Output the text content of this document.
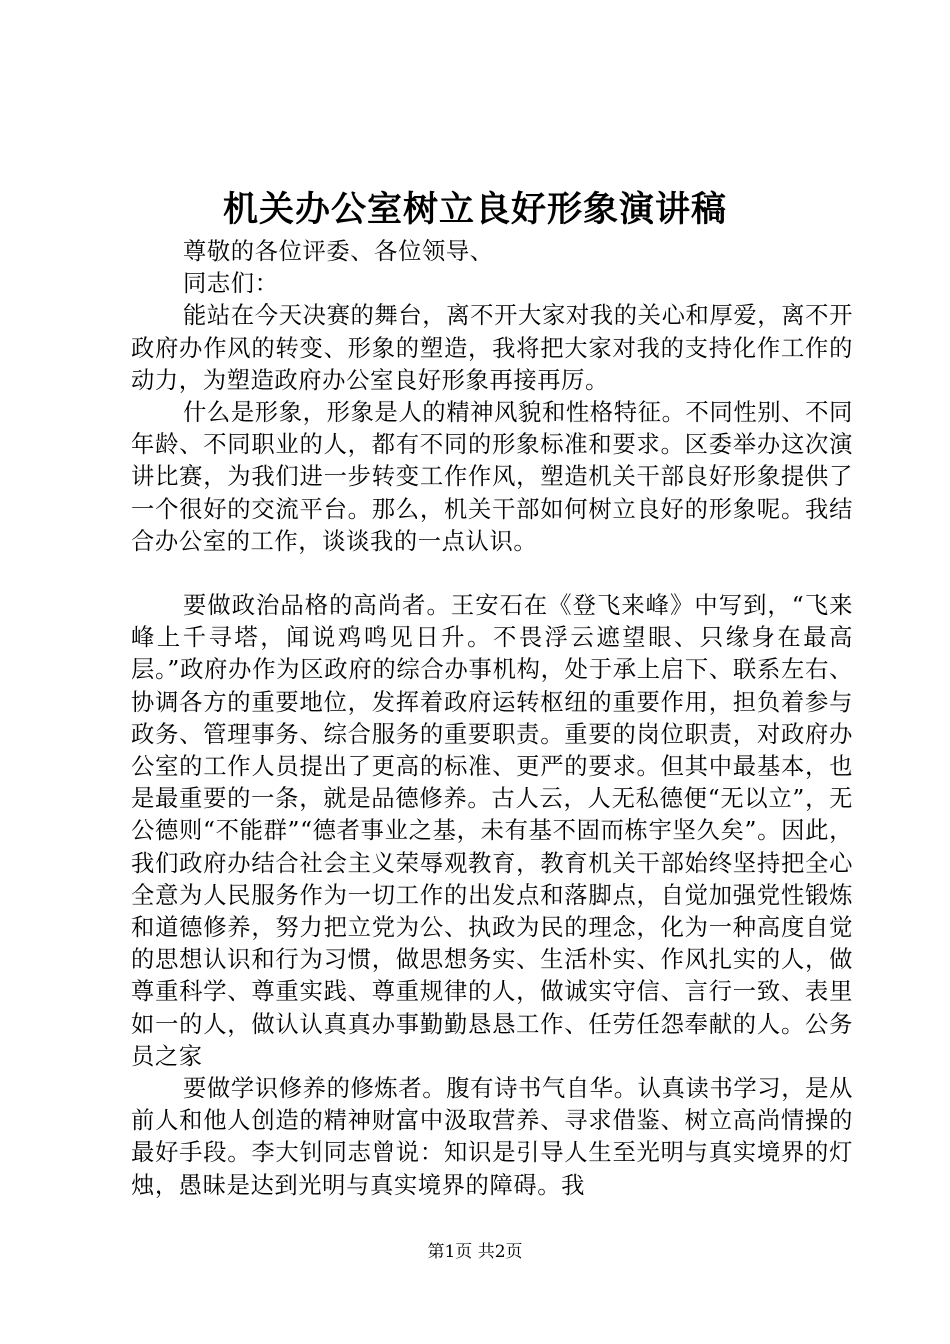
机关办公室树立良好形象演讲稿

尊敬的各位评委、各位领导、

同志们：

能站在今天决赛的舞台，离不开大家对我的关心和厚爱，离不开政府办作风的转变、形象的塑造，我将把大家对我的支持化作工作的动力，为塑造政府办公室良好形象再接再厉。

什么是形象，形象是人的精神风貌和性格特征。不同性别、不同年龄、不同职业的人，都有不同的形象标准和要求。区委举办这次演讲比赛，为我们进一步转变工作作风，塑造机关干部良好形象提供了一个很好的交流平台。那么，机关干部如何树立良好的形象呢。我结合办公室的工作，谈谈我的一点认识。

要做政治品格的高尚者。王安石在《登飞来峰》中写到，“飞来峰上千寻塔，闻说鸡鸣见日升。不畏浮云遮望眼、只缘身在最高层。”政府办作为区政府的综合办事机构，处于承上启下、联系左右、协调各方的重要地位，发挥着政府运转枢纽的重要作用，担负着参与政务、管理事务、综合服务的重要职责。重要的岗位职责，对政府办公室的工作人员提出了更高的标准、更严的要求。但其中最基本，也是最重要的一条，就是品德修养。古人云，人无私德便“无以立”，无公德则“不能群”“德者事业之基，未有基不固而栋宇坚久矣”。因此，我们政府办结合社会主义荣辱观教育，教育机关干部始终坚持把全心全意为人民服务作为一切工作的出发点和落脚点，自觉加强党性锻炼和道德修养，努力把立党为公、执政为民的理念，化为一种高度自觉的思想认识和行为习惯，做思想务实、生活朴实、作风扎实的人，做尊重科学、尊重实践、尊重规律的人，做诚实守信、言行一致、表里如一的人，做认认真真办事勤勤恳恳工作、任劳任怨奉献的人。公务员之家

要做学识修养的修炼者。腹有诗书气自华。认真读书学习，是从前人和他人创造的精神财富中汲取营养、寻求借鉴、树立高尚情操的最好手段。李大钊同志曾说：知识是引导人生至光明与真实境界的灯烛，愚昧是达到光明与真实境界的障碍。我

第1页 共2页
